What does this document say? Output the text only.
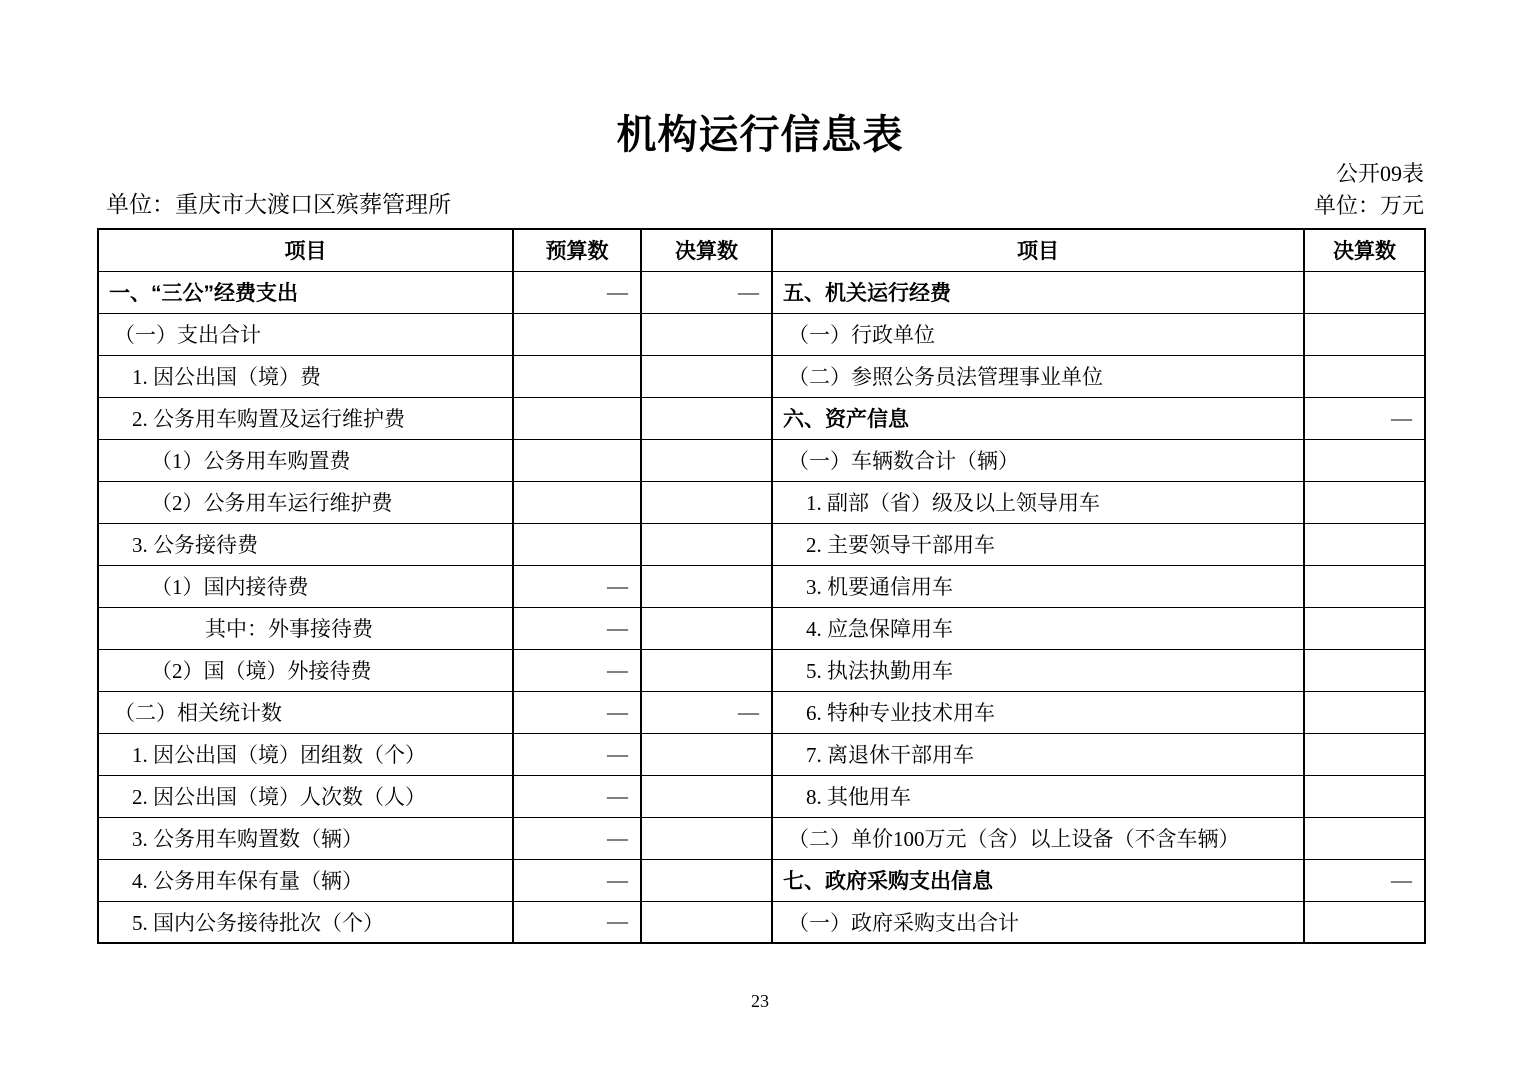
机构运行信息表
单位：重庆市大渡口区殡葬管理所
公开09表
单位：万元
项目	预算数	决算数	项目	决算数
一、“三公”经费支出	—	—	五、机关运行经费	
（一）支出合计			（一）行政单位	
1. 因公出国（境）费			（二）参照公务员法管理事业单位	
2. 公务用车购置及运行维护费			六、资产信息	—
（1）公务用车购置费			（一）车辆数合计（辆）	
（2）公务用车运行维护费			1. 副部（省）级及以上领导用车	
3. 公务接待费			2. 主要领导干部用车	
（1）国内接待费	—		3. 机要通信用车	
其中：外事接待费	—		4. 应急保障用车	
（2）国（境）外接待费	—		5. 执法执勤用车	
（二）相关统计数	—	—	6. 特种专业技术用车	
1. 因公出国（境）团组数（个）	—		7. 离退休干部用车	
2. 因公出国（境）人次数（人）	—		8. 其他用车	
3. 公务用车购置数（辆）	—		（二）单价100万元（含）以上设备（不含车辆）	
4. 公务用车保有量（辆）	—		七、政府采购支出信息	—
5. 国内公务接待批次（个）	—		（一）政府采购支出合计	
23
